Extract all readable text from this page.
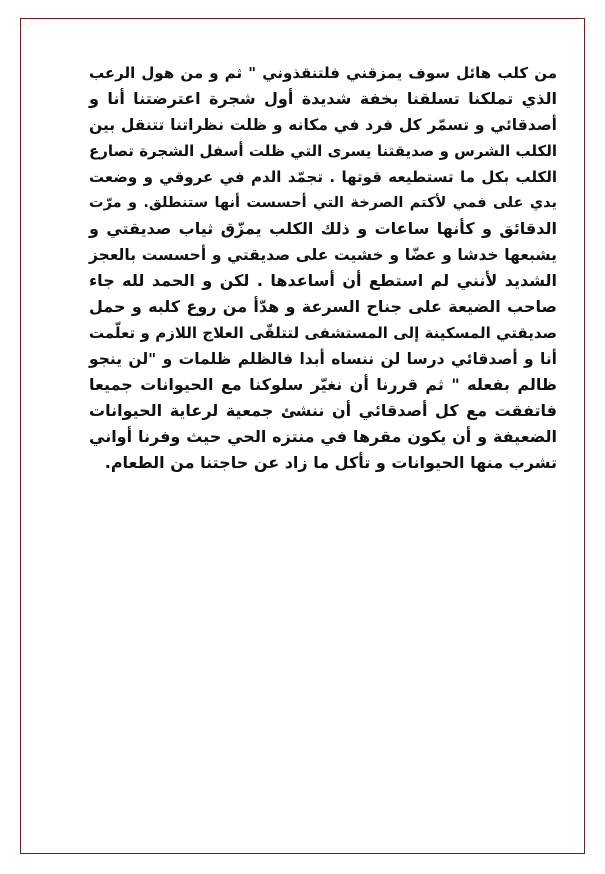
من كلب هائل سوف يمزقني فلتنقذوني " ثم و من هول الرعب
الذي تملكنا تسلقنا بخفة شديدة أول شجرة اعترضتنا أنا و
أصدقائي و تسمّر كل فرد في مكانه و ظلت نظراتنا تتنقل بين
الكلب الشرس و صديقتنا يسرى التي ظلت أسفل الشجرة تصارع
الكلب بكل ما تستطيعه قوتها . تجمّد الدم في عروقي و وضعت
يدي على فمي لأكتم الصرخة التي أحسست أنها ستنطلق. و مرّت
الدقائق و كأنها ساعات و ذلك الكلب يمزّق ثياب صديقتي و
يشبعها خدشا و عضّا و خشيت على صديقتي و أحسست بالعجز
الشديد لأنني لم استطع أن أساعدها . لكن و الحمد لله جاء
صاحب الضيعة على جناح السرعة و هدّأ من روع كلبه و حمل
صديقتي المسكينة إلى المستشفى لتتلقّى العلاج اللازم و تعلّمت
أنا و أصدقائي درسا لن ننساه أبدا فالظلم ظلمات و "لن ينجو
ظالم بفعله " ثم قررنا أن نغيّر سلوكنا مع الحيوانات جميعا
فاتفقت مع كل أصدقائي أن ننشئ جمعية لرعاية الحيوانات
الضعيفة و أن يكون مقرها في منتزه الحي حيث وفرنا أواني
تشرب منها الحيوانات و تأكل ما زاد عن حاجتنا من الطعام.
